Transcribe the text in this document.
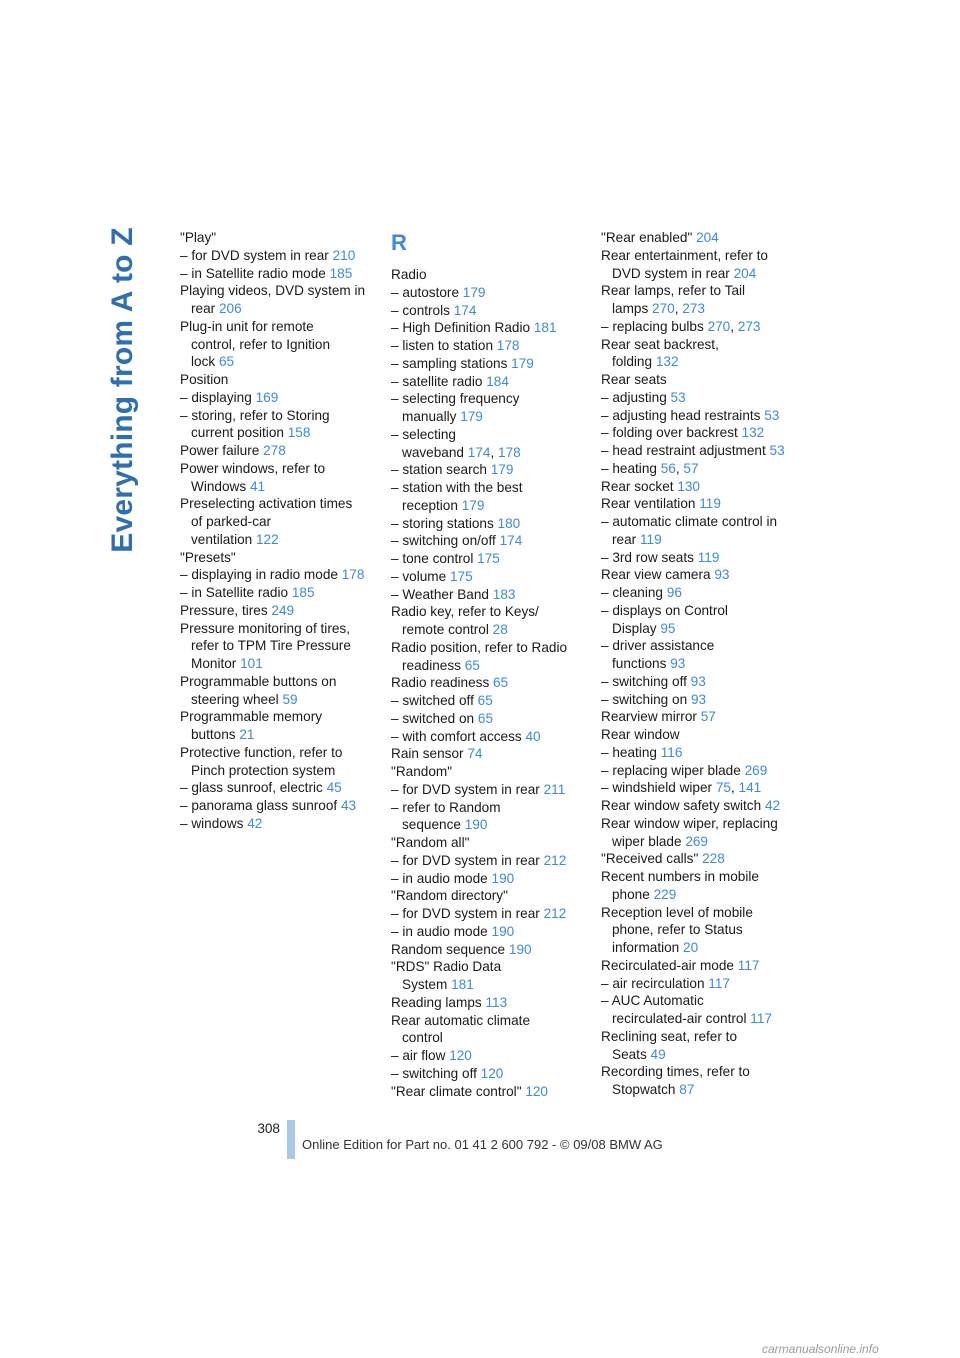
Everything from A to Z	"Play"
– for DVD system in rear 210
– in Satellite radio mode 185
Playing videos, DVD system in
rear 206
Plug-in unit for remote
control, refer to Ignition
lock 65
Position
– displaying 169
– storing, refer to Storing
current position 158
Power failure 278
Power windows, refer to
Windows 41
Preselecting activation times
of parked-car
ventilation 122
"Presets"
– displaying in radio mode 178
– in Satellite radio 185
Pressure, tires 249
Pressure monitoring of tires,
refer to TPM Tire Pressure
Monitor 101
Programmable buttons on
steering wheel 59
Programmable memory
buttons 21
Protective function, refer to
Pinch protection system
– glass sunroof, electric 45
– panorama glass sunroof 43
– windows 42
R
Radio
– autostore 179
– controls 174
– High Definition Radio 181
– listen to station 178
– sampling stations 179
– satellite radio 184
– selecting frequency
manually 179
– selecting
waveband 174, 178
– station search 179
– station with the best
reception 179
– storing stations 180
– switching on/off 174
– tone control 175
– volume 175
– Weather Band 183
Radio key, refer to Keys/
remote control 28
Radio position, refer to Radio
readiness 65
Radio readiness 65
– switched off 65
– switched on 65
– with comfort access 40
Rain sensor 74
"Random"
– for DVD system in rear 211
– refer to Random
sequence 190
"Random all"
– for DVD system in rear 212
– in audio mode 190
"Random directory"
– for DVD system in rear 212
– in audio mode 190
Random sequence 190
"RDS" Radio Data
System 181
Reading lamps 113
Rear automatic climate
control
– air flow 120
– switching off 120
"Rear climate control" 120
"Rear enabled" 204
Rear entertainment, refer to
DVD system in rear 204
Rear lamps, refer to Tail
lamps 270, 273
– replacing bulbs 270, 273
Rear seat backrest,
folding 132
Rear seats
– adjusting 53
– adjusting head restraints 53
– folding over backrest 132
– head restraint adjustment 53
– heating 56, 57
Rear socket 130
Rear ventilation 119
– automatic climate control in
rear 119
– 3rd row seats 119
Rear view camera 93
– cleaning 96
– displays on Control
Display 95
– driver assistance
functions 93
– switching off 93
– switching on 93
Rearview mirror 57
Rear window
– heating 116
– replacing wiper blade 269
– windshield wiper 75, 141
Rear window safety switch 42
Rear window wiper, replacing
wiper blade 269
"Received calls" 228
Recent numbers in mobile
phone 229
Reception level of mobile
phone, refer to Status
information 20
Recirculated-air mode 117
– air recirculation 117
– AUC Automatic
recirculated-air control 117
Reclining seat, refer to
Seats 49
Recording times, refer to
Stopwatch 87
308
Online Edition for Part no. 01 41 2 600 792 - © 09/08 BMW AG
carmanualsonline.info
